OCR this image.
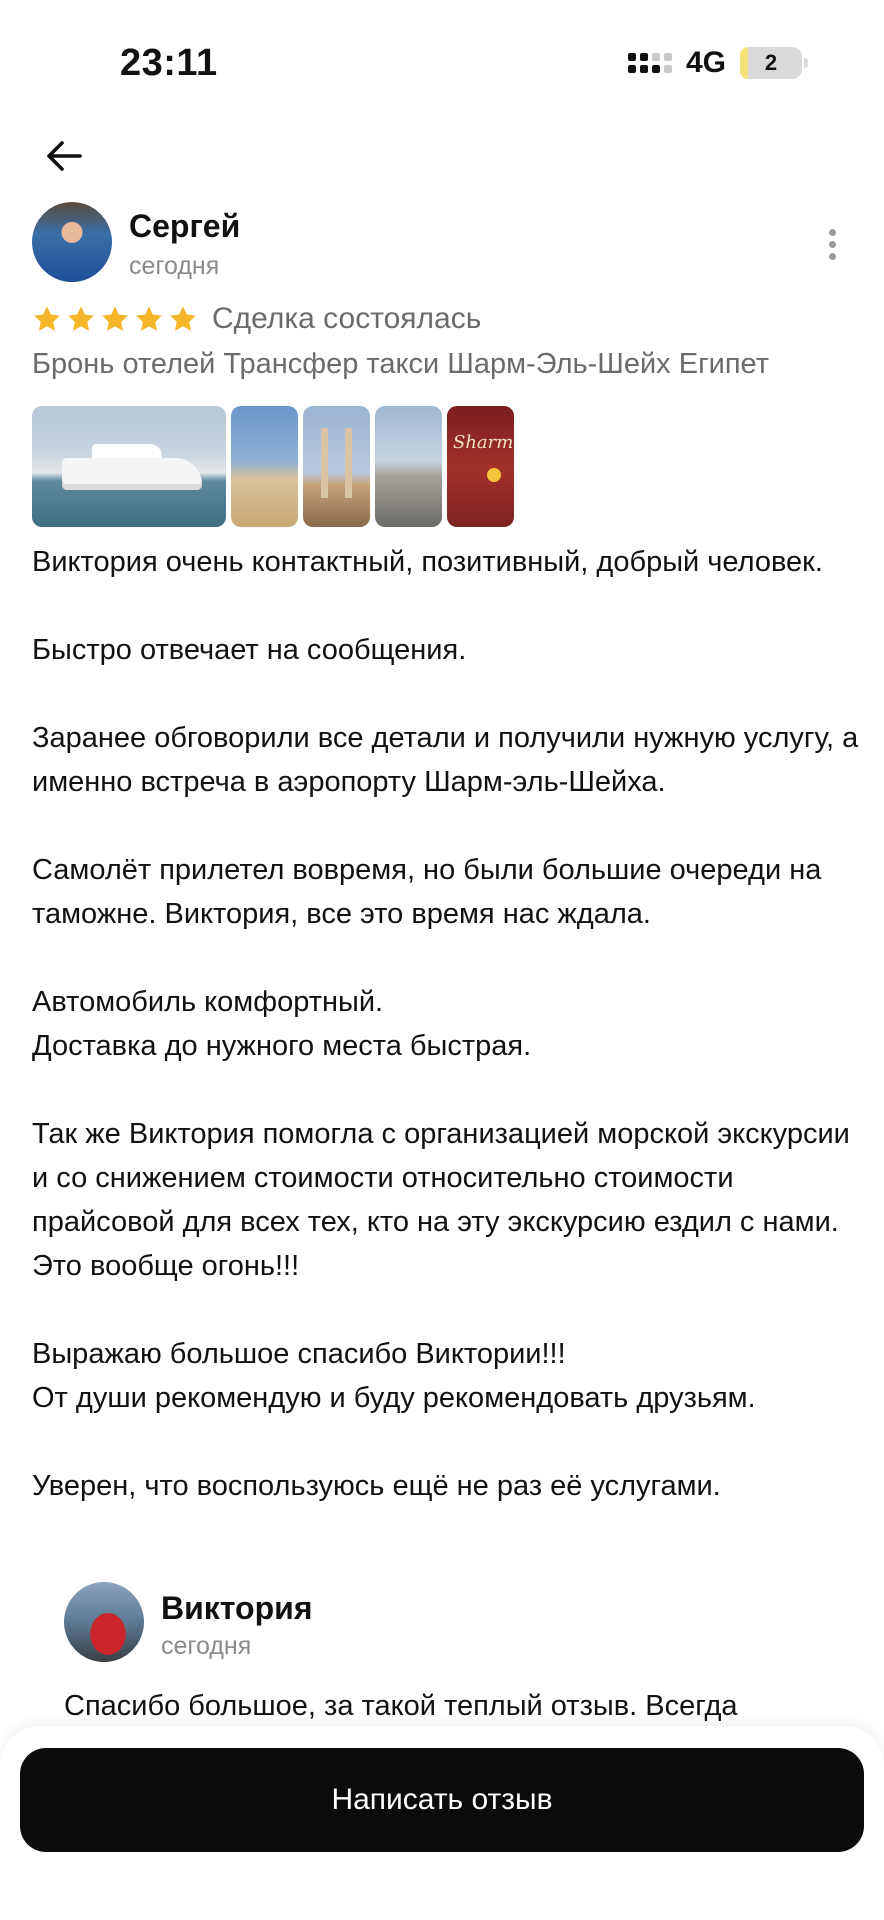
23:11	4G 2
Сергей
сегодня
Сделка состоялась
Бронь отелей Трансфер такси Шарм-Эль-Шейх Египет
Sharm

Виктория очень контактный, позитивный, добрый человек.

Быстро отвечает на сообщения.

Заранее обговорили все детали и получили нужную услугу, а именно встреча в аэропорту Шарм-эль-Шейха.

Самолёт прилетел вовремя, но были большие очереди на таможне. Виктория, все это время нас ждала.

Автомобиль комфортный.
Доставка до нужного места быстрая.

Так же Виктория помогла с организацией морской экскурсии и со снижением стоимости относительно стоимости прайсовой для всех тех, кто на эту экскурсию ездил с нами. Это вообще огонь!!!

Выражаю большое спасибо Виктории!!!
От души рекомендую и буду рекомендовать друзьям.

Уверен, что воспользуюсь ещё не раз её услугами.

Виктория
сегодня
Спасибо большое, за такой теплый отзыв. Всегда
Написать отзыв
